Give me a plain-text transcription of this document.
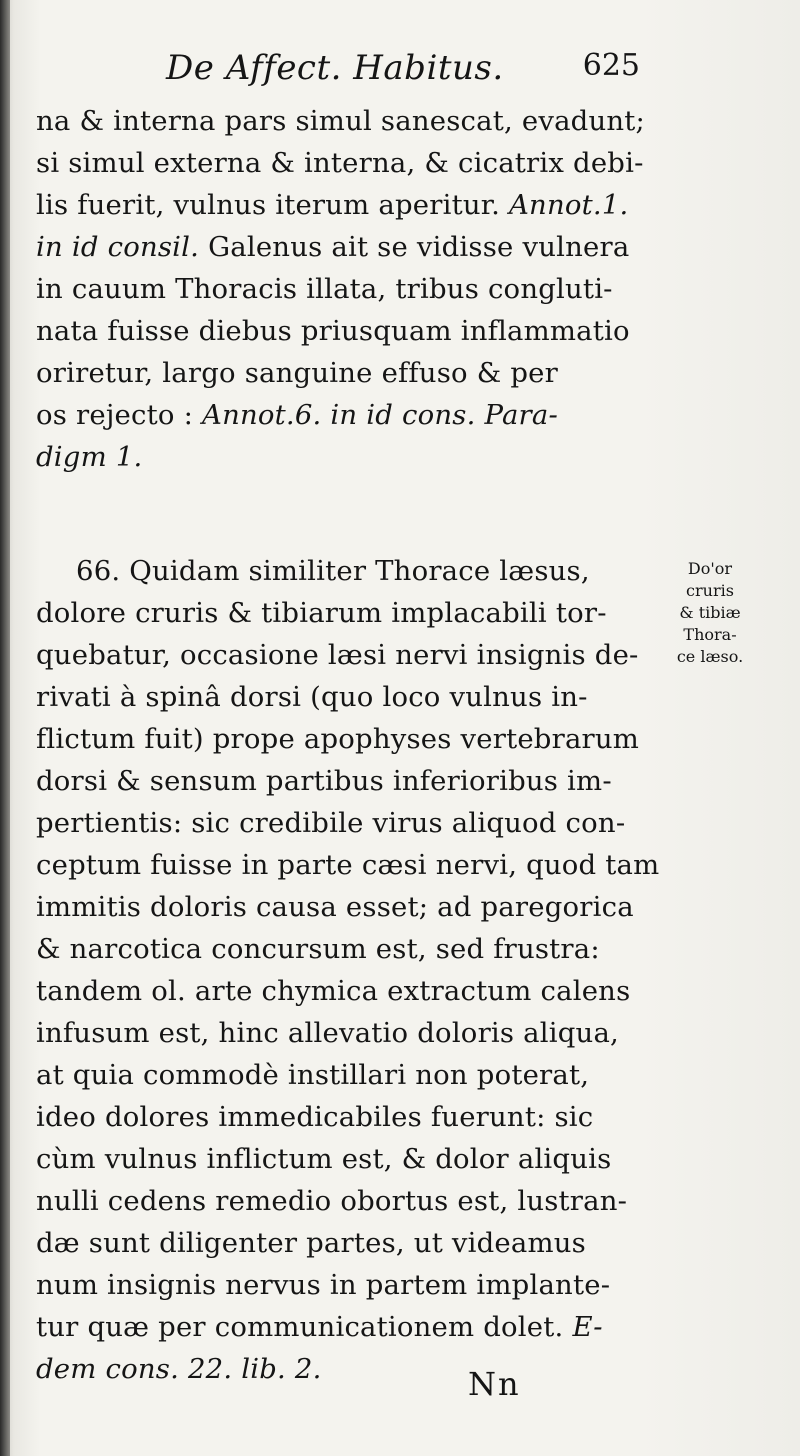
De Affect. Habitus.	625
na & interna pars simul sanescat, evadunt;
si simul externa & interna, & cicatrix debi-
lis fuerit, vulnus iterum aperitur. Annot.1.
in id consil. Galenus ait se vidisse vulnera
in cauum Thoracis illata, tribus congluti-
nata fuisse diebus priusquam inflammatio
oriretur, largo sanguine effuso & per
os rejecto : Annot.6. in id cons. Para-
digm 1.
66. Quidam similiter Thorace læsus,
dolore cruris & tibiarum implacabili tor-
quebatur, occasione læsi nervi insignis de-
rivati à spinâ dorsi (quo loco vulnus in-
flictum fuit) prope apophyses vertebrarum
dorsi & sensum partibus inferioribus im-
pertientis: sic credibile virus aliquod con-
ceptum fuisse in parte cæsi nervi, quod tam
immitis doloris causa esset; ad paregorica
& narcotica concursum est, sed frustra:
tandem ol. arte chymica extractum calens
infusum est, hinc allevatio doloris aliqua,
at quia commodè instillari non poterat,
ideo dolores immedicabiles fuerunt: sic
cùm vulnus inflictum est, & dolor aliquis
nulli cedens remedio obortus est, lustran-
dæ sunt diligenter partes, ut videamus
num insignis nervus in partem implante-
tur quæ per communicationem dolet. E-
dem cons. 22. lib. 2.
Do'or
cruris
& tibiæ
Thora-
ce læso.
Nn
